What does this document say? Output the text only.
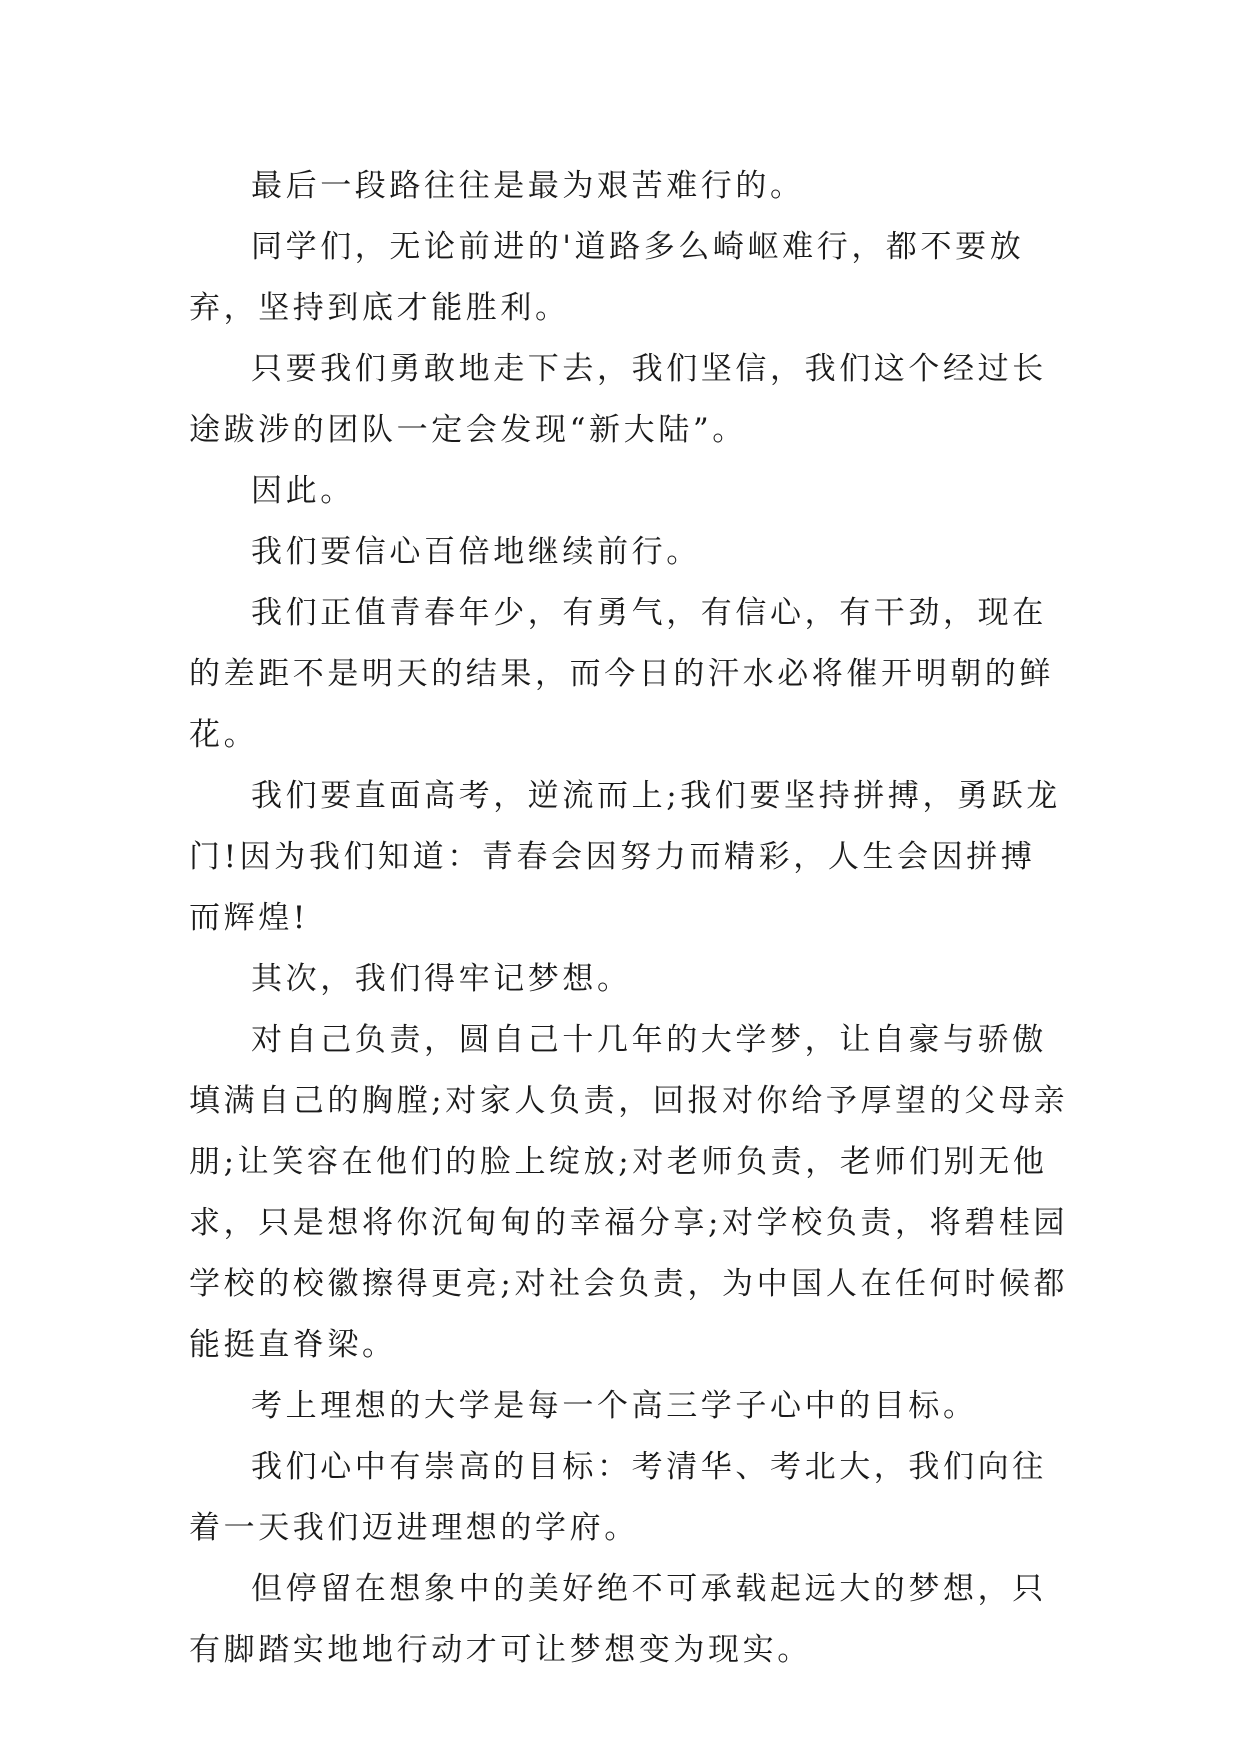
最后一段路往往是最为艰苦难行的。

同学们，无论前进的'道路多么崎岖难行，都不要放弃，坚持到底才能胜利。

只要我们勇敢地走下去，我们坚信，我们这个经过长途跋涉的团队一定会发现“新大陆”。

因此。

我们要信心百倍地继续前行。

我们正值青春年少，有勇气，有信心，有干劲，现在的差距不是明天的结果，而今日的汗水必将催开明朝的鲜花。

我们要直面高考，逆流而上;我们要坚持拼搏，勇跃龙门!因为我们知道：青春会因努力而精彩，人生会因拼搏而辉煌!

其次，我们得牢记梦想。

对自己负责，圆自己十几年的大学梦，让自豪与骄傲填满自己的胸膛;对家人负责，回报对你给予厚望的父母亲朋;让笑容在他们的脸上绽放;对老师负责，老师们别无他求，只是想将你沉甸甸的幸福分享;对学校负责，将碧桂园学校的校徽擦得更亮;对社会负责，为中国人在任何时候都能挺直脊梁。

考上理想的大学是每一个高三学子心中的目标。

我们心中有崇高的目标：考清华、考北大，我们向往着一天我们迈进理想的学府。

但停留在想象中的美好绝不可承载起远大的梦想，只有脚踏实地地行动才可让梦想变为现实。
